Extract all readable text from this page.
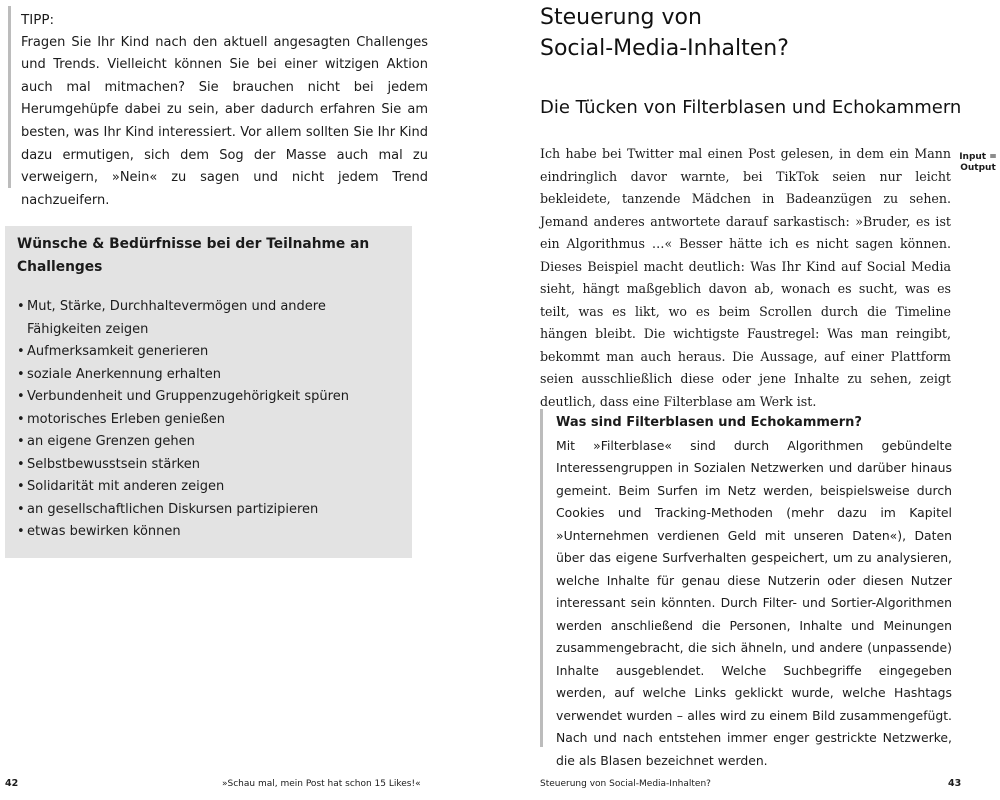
TIPP:
Fragen Sie Ihr Kind nach den aktuell angesagten Challenges und Trends. Vielleicht können Sie bei einer witzigen Aktion auch mal mitmachen? Sie brauchen nicht bei jedem Herumgehüpfe dabei zu sein, aber dadurch erfahren Sie am besten, was Ihr Kind interessiert. Vor allem sollten Sie Ihr Kind dazu ermutigen, sich dem Sog der Masse auch mal zu verweigern, »Nein« zu sagen und nicht jedem Trend nachzueifern.
Wünsche & Bedürfnisse bei der Teilnahme an Challenges
• Mut, Stärke, Durchhaltevermögen und andere Fähigkeiten zeigen
• Aufmerksamkeit generieren
• soziale Anerkennung erhalten
• Verbundenheit und Gruppenzugehörigkeit spüren
• motorisches Erleben genießen
• an eigene Grenzen gehen
• Selbstbewusstsein stärken
• Solidarität mit anderen zeigen
• an gesellschaftlichen Diskursen partizipieren
• etwas bewirken können
42	»Schau mal, mein Post hat schon 15 Likes!«
Steuerung von
Social-Media-Inhalten?
Die Tücken von Filterblasen und Echokammern

Ich habe bei Twitter mal einen Post gelesen, in dem ein Mann eindringlich davor warnte, bei TikTok seien nur leicht bekleidete, tanzende Mädchen in Badeanzügen zu sehen. Jemand anderes antwortete darauf sarkastisch: »Bruder, es ist ein Algorithmus …« Besser hätte ich es nicht sagen können. Dieses Beispiel macht deutlich: Was Ihr Kind auf Social Media sieht, hängt maßgeblich davon ab, wonach es sucht, was es teilt, was es likt, wo es beim Scrollen durch die Timeline hängen bleibt. Die wichtigste Faustregel: Was man reingibt, bekommt man auch heraus. Die Aussage, auf einer Plattform seien ausschließlich diese oder jene Inhalte zu sehen, zeigt deutlich, dass eine Filterblase am Werk ist.

Input = Output
Was sind Filterblasen und Echokammern?
Mit »Filterblase« sind durch Algorithmen gebündelte Interessengruppen in Sozialen Netzwerken und darüber hinaus gemeint. Beim Surfen im Netz werden, beispielsweise durch Cookies und Tracking-Methoden (mehr dazu im Kapitel »Unternehmen verdienen Geld mit unseren Daten«), Daten über das eigene Surfverhalten gespeichert, um zu analysieren, welche Inhalte für genau diese Nutzerin oder diesen Nutzer interessant sein könnten. Durch Filter- und Sortier-Algorithmen werden anschließend die Personen, Inhalte und Meinungen zusammengebracht, die sich ähneln, und andere (unpassende) Inhalte ausgeblendet. Welche Suchbegriffe eingegeben werden, auf welche Links geklickt wurde, welche Hashtags verwendet wurden – alles wird zu einem Bild zusammengefügt. Nach und nach entstehen immer enger gestrickte Netzwerke, die als Blasen bezeichnet werden.
Steuerung von Social-Media-Inhalten?	43
